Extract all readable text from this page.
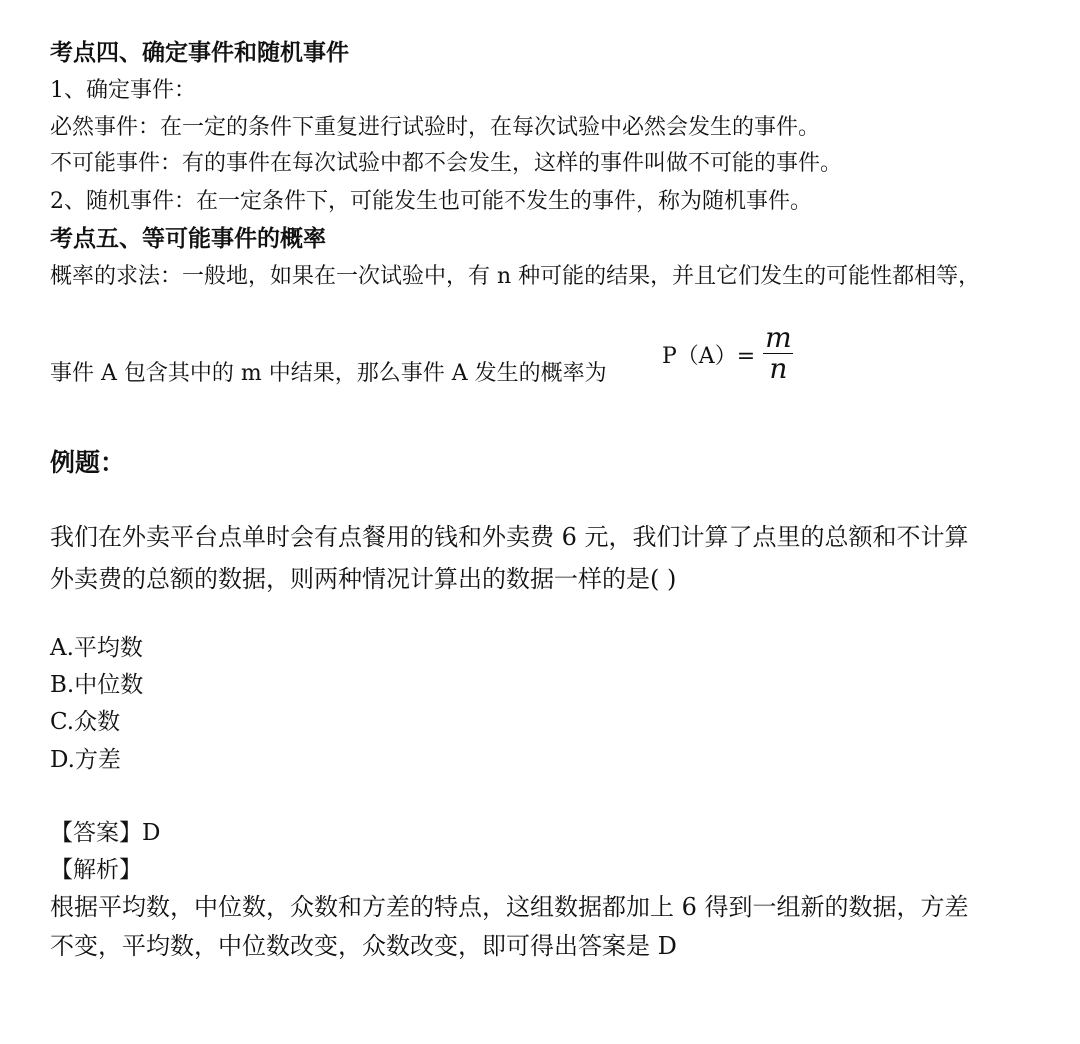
考点四、确定事件和随机事件
1、确定事件：
必然事件：在一定的条件下重复进行试验时，在每次试验中必然会发生的事件。
不可能事件：有的事件在每次试验中都不会发生，这样的事件叫做不可能的事件。
2、随机事件：在一定条件下，可能发生也可能不发生的事件，称为随机事件。
考点五、等可能事件的概率
概率的求法：一般地，如果在一次试验中，有 n 种可能的结果，并且它们发生的可能性都相等，
事件 A 包含其中的 m 中结果，那么事件 A 发生的概率为
$P(A)= \frac{m}{n}$
例题：
我们在外卖平台点单时会有点餐用的钱和外卖费 6 元，我们计算了点里的总额和不计算
外卖费的总额的数据，则两种情况计算出的数据一样的是( )
A.平均数
B.中位数
C.众数
D.方差
【答案】D
【解析】
根据平均数，中位数，众数和方差的特点，这组数据都加上 6 得到一组新的数据，方差
不变，平均数，中位数改变，众数改变，即可得出答案是 D
